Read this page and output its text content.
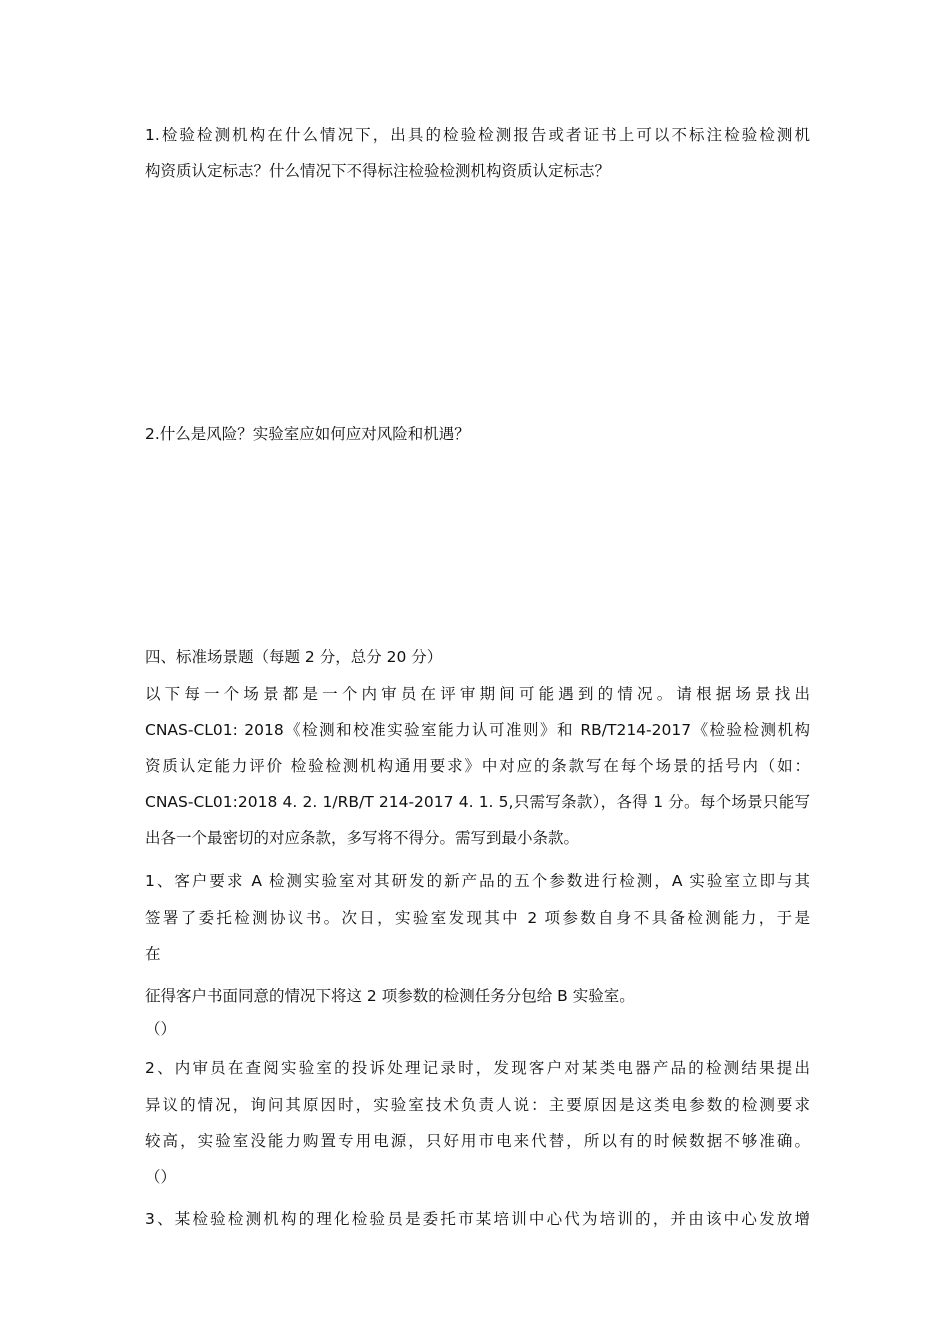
1.检验检测机构在什么情况下，出具的检验检测报告或者证书上可以不标注检验检测机
构资质认定标志？什么情况下不得标注检验检测机构资质认定标志？
2.什么是风险？实验室应如何应对风险和机遇？
四、标准场景题（每题 2 分，总分 20 分）
以下每一个场景都是一个内审员在评审期间可能遇到的情况。请根据场景找出
CNAS-CL01: 2018《检测和校准实验室能力认可准则》和 RB/T214-2017《检验检测机构
资质认定能力评价 检验检测机构通用要求》中对应的条款写在每个场景的括号内（如：
CNAS-CL01:2018 4. 2. 1/RB/T 214-2017 4. 1. 5,只需写条款），各得 1 分。每个场景只能写
出各一个最密切的对应条款，多写将不得分。需写到最小条款。
1、客户要求 A 检测实验室对其研发的新产品的五个参数进行检测，A 实验室立即与其
签署了委托检测协议书。次日，实验室发现其中 2 项参数自身不具备检测能力，于是
在
征得客户书面同意的情况下将这 2 项参数的检测任务分包给 B 实验室。
（）
2、内审员在查阅实验室的投诉处理记录时，发现客户对某类电器产品的检测结果提出
异议的情况，询问其原因时，实验室技术负责人说：主要原因是这类电参数的检测要求
较高，实验室没能力购置专用电源，只好用市电来代替，所以有的时候数据不够准确。
（）
3、某检验检测机构的理化检验员是委托市某培训中心代为培训的，并由该中心发放增
